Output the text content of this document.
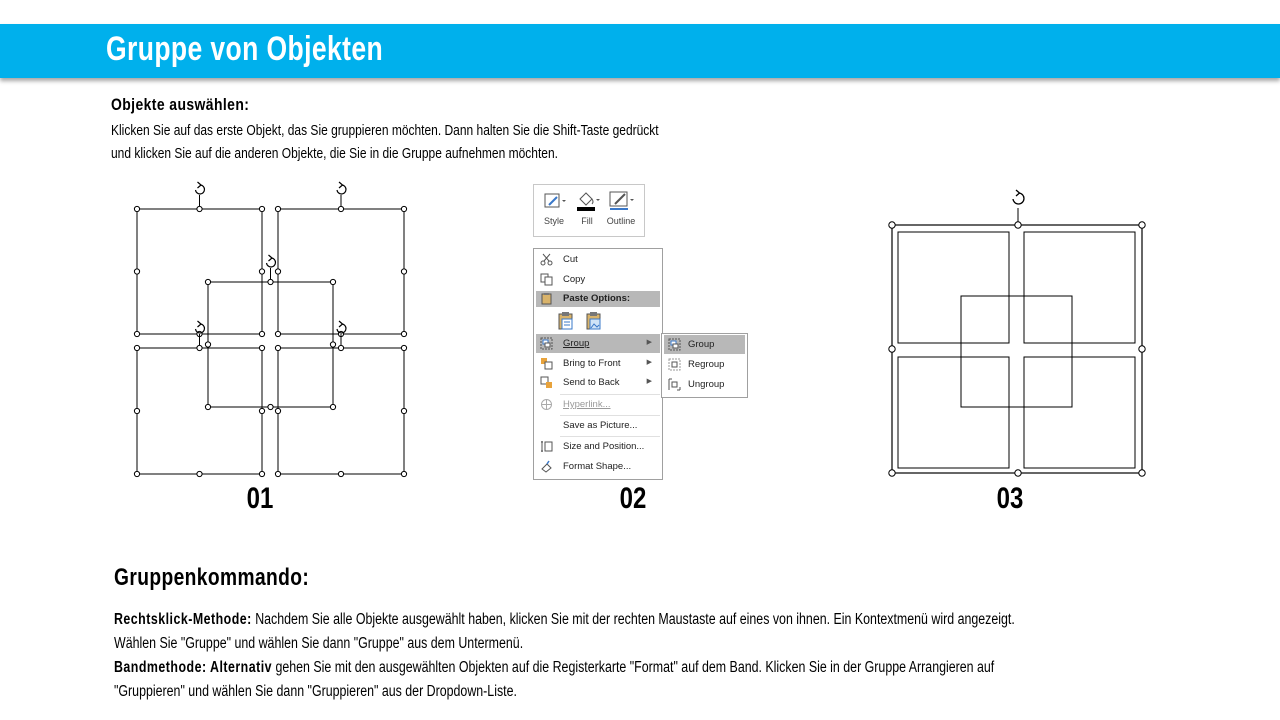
Gruppe von Objekten
Objekte auswählen:

Klicken Sie auf das erste Objekt, das Sie gruppieren möchten. Dann halten Sie die Shift-Taste gedrückt

und klicken Sie auf die anderen Objekte, die Sie in die Gruppe aufnehmen möchten.

Style	Fill	Outline
Cut
Copy
Paste Options:
Group	▶
Bring to Front	▶
Send to Back	▶
Hyperlink...
Save as Picture...
Size and Position...
Format Shape...
Group
Regroup
Ungroup
01	02	03
Gruppenkommando:

Rechtsklick-Methode: Nachdem Sie alle Objekte ausgewählt haben, klicken Sie mit der rechten Maustaste auf eines von ihnen. Ein Kontextmenü wird angezeigt.

Wählen Sie "Gruppe" und wählen Sie dann "Gruppe" aus dem Untermenü.

Bandmethode: Alternativ gehen Sie mit den ausgewählten Objekten auf die Registerkarte "Format" auf dem Band. Klicken Sie in der Gruppe Arrangieren auf

"Gruppieren" und wählen Sie dann "Gruppieren" aus der Dropdown-Liste.
